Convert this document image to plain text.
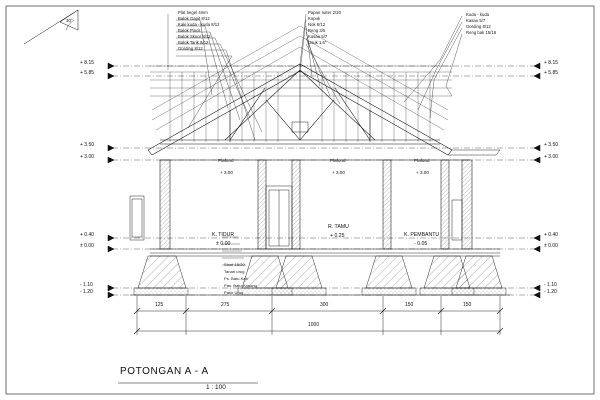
Plat begel 4mm
Balok Gapit 8/12
Kaki kuda - kuda 8/12
Balok Pincit
Balok Skoor 8/12
Balok Tarik 8/12
Gording 8/12
Papan ruiter 2/20
Kopuk
Nok 8/12
Reng 3/5
Kasau 5/7
Usuk 1.5"
Kuda - kuda
Kasau 5/7
Gording 8/12
Reng bak 15/15
Sloof 15/20
Tanah urug
Ps. Batu Kali
Pas. Batu Kosong
Pasir Urug
+ 8.15
+ 5.85
+ 3.50
+ 3.00
+ 0.40
± 0.00
- 1.10
- 1.20
+ 8.15
+ 5.85
+ 3.50
+ 3.00
+ 0.40
± 0.00
- 1.10
- 1.20
Plafond
+ 3.00
Plafond
+ 3.00
Plafond
+ 3.00
K. TIDUR
± 0.00
R. TAMU
+ 0.25	K. PEMBANTU
- 0.05
125	275	300	150	150
1000
30°
POTONGAN A - A
1 : 100
